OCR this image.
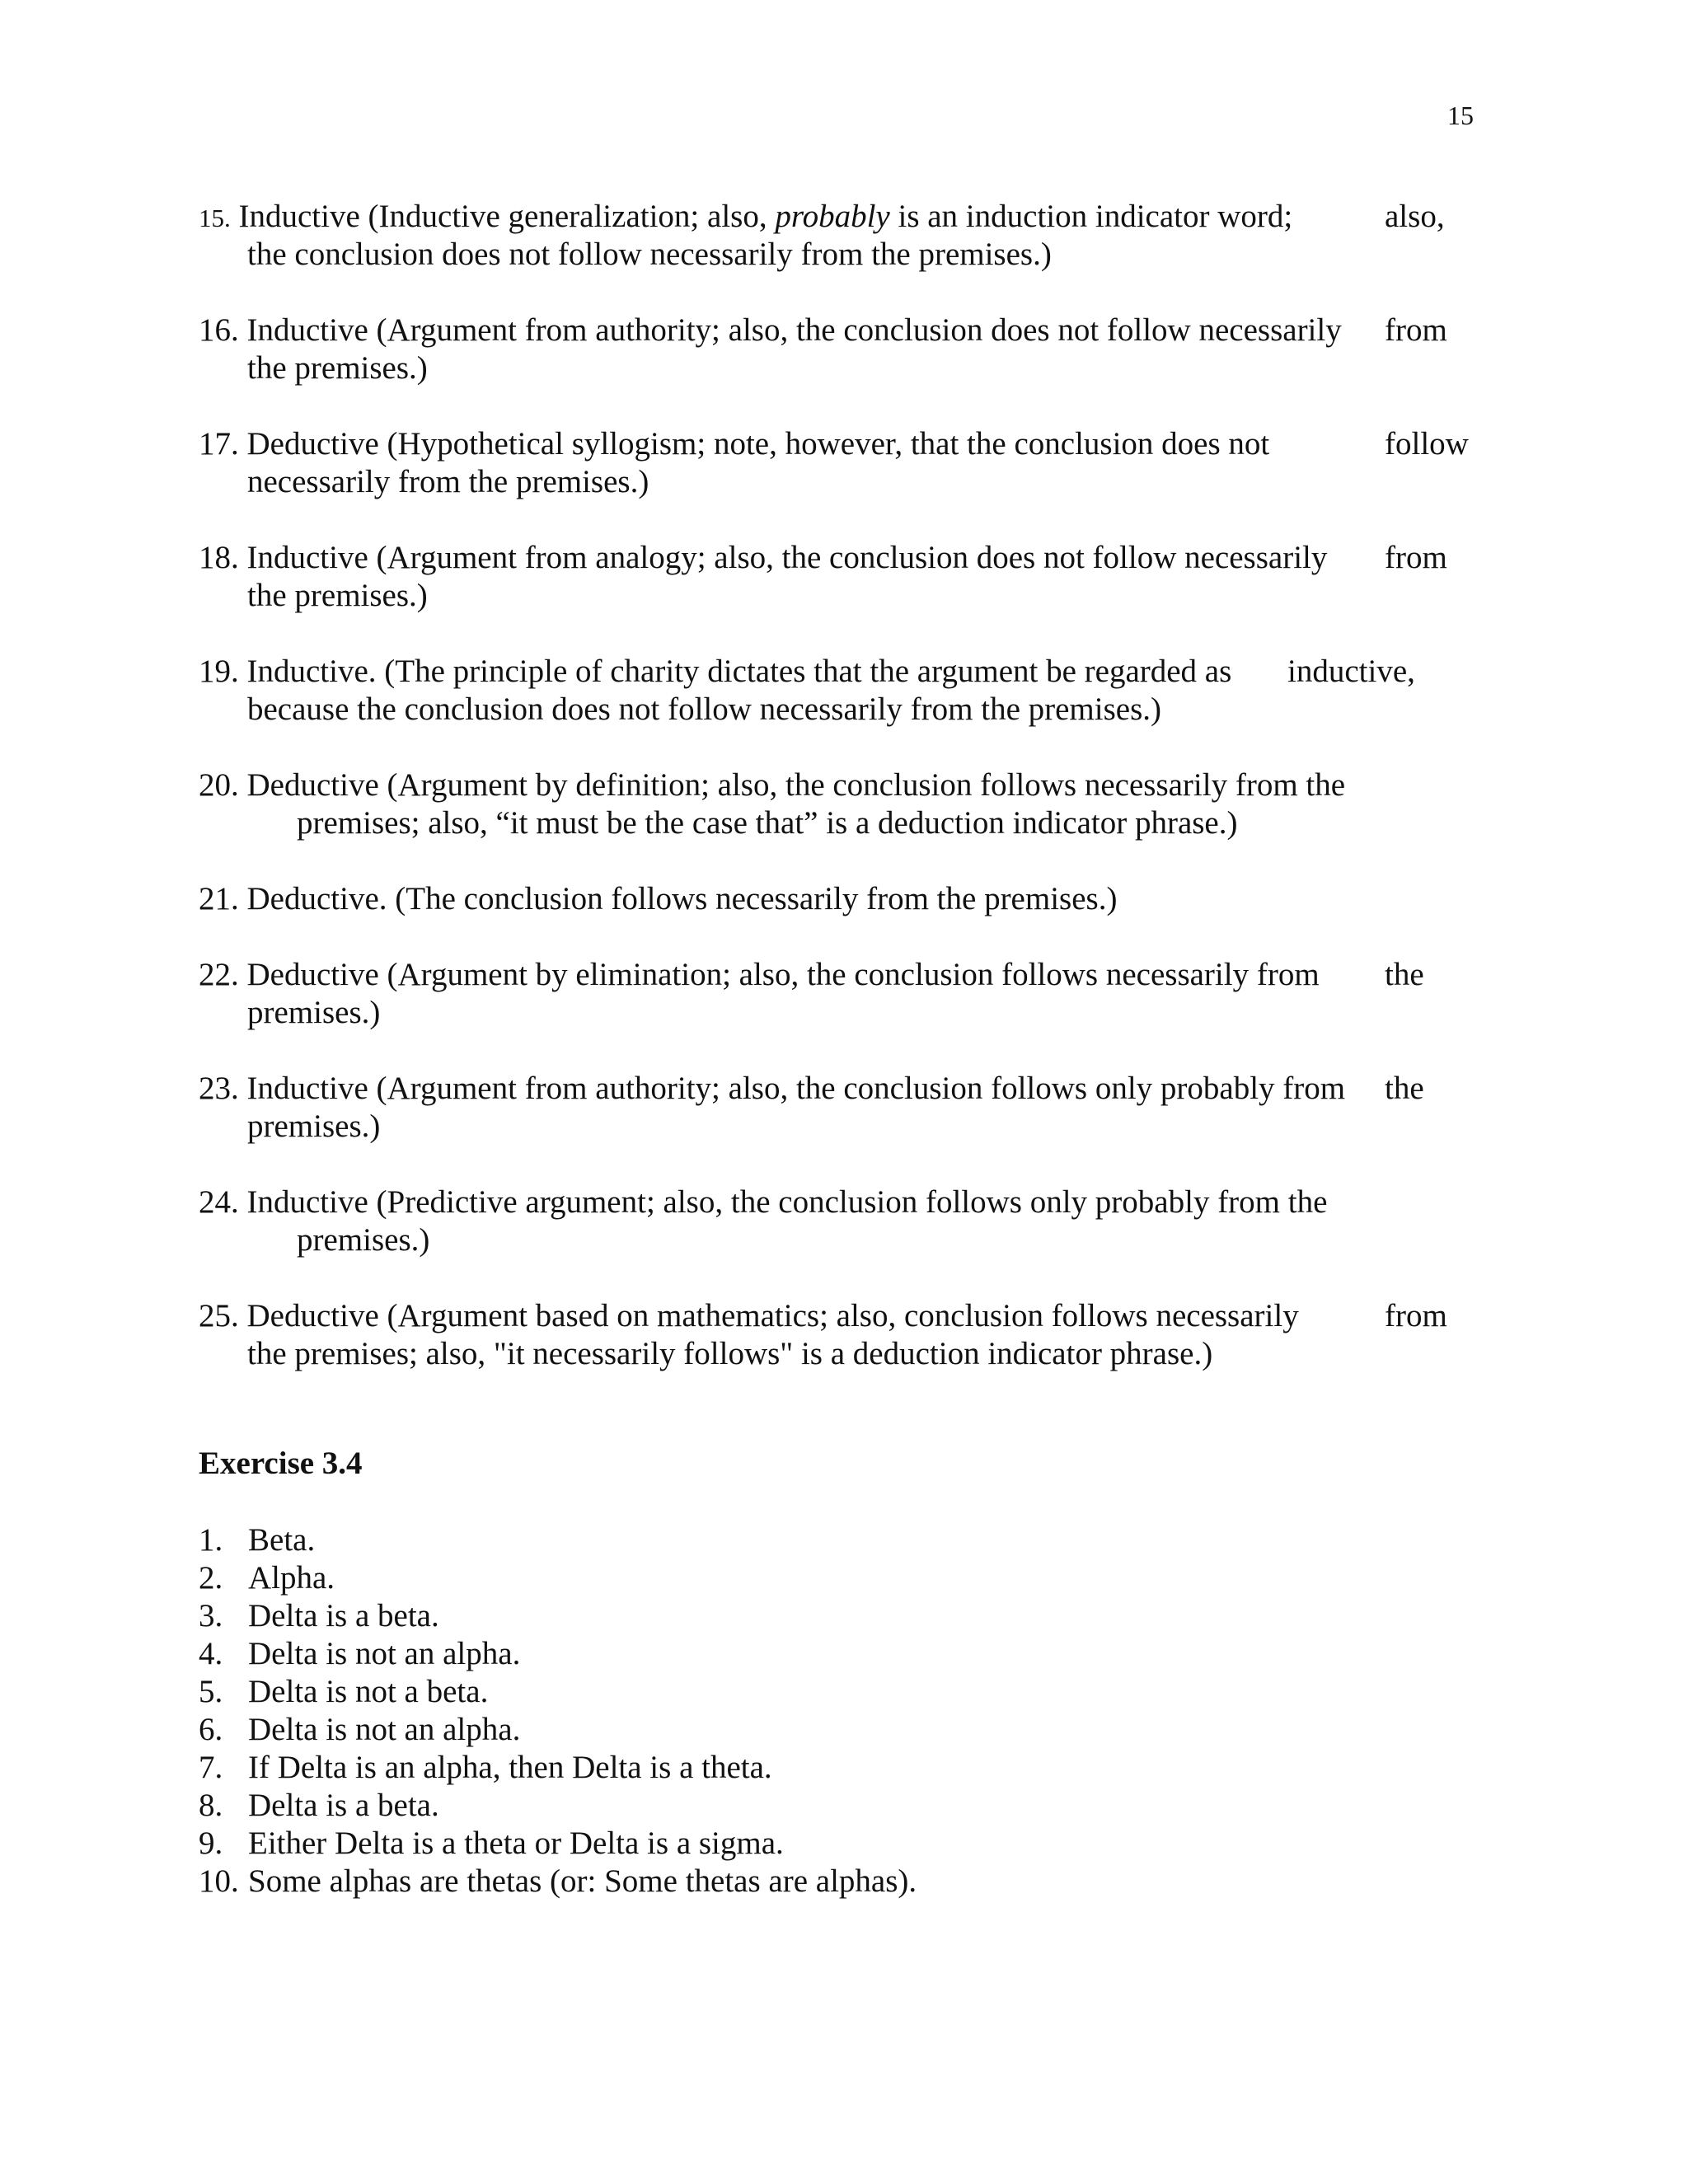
15
15. Inductive (Inductive generalization; also, probably is an induction indicator word;	also,
the conclusion does not follow necessarily from the premises.)
16. Inductive (Argument from authority; also, the conclusion does not follow necessarily from
the premises.)
17. Deductive (Hypothetical syllogism; note, however, that the conclusion does not	follow
necessarily from the premises.)
18. Inductive (Argument from analogy; also, the conclusion does not follow necessarily from
the premises.)
19. Inductive. (The principle of charity dictates that the argument be regarded as inductive,
because the conclusion does not follow necessarily from the premises.)
20. Deductive (Argument by definition; also, the conclusion follows necessarily from the
premises; also, “it must be the case that” is a deduction indicator phrase.)
21. Deductive. (The conclusion follows necessarily from the premises.)
22. Deductive (Argument by elimination; also, the conclusion follows necessarily from the
premises.)
23. Inductive (Argument from authority; also, the conclusion follows only probably from the
premises.)
24. Inductive (Predictive argument; also, the conclusion follows only probably from the
premises.)
25. Deductive (Argument based on mathematics; also, conclusion follows necessarily	from
the premises; also, "it necessarily follows" is a deduction indicator phrase.)
Exercise 3.4
1. Beta.
2. Alpha.
3. Delta is a beta.
4. Delta is not an alpha.
5. Delta is not a beta.
6. Delta is not an alpha.
7. If Delta is an alpha, then Delta is a theta.
8. Delta is a beta.
9. Either Delta is a theta or Delta is a sigma.
10. Some alphas are thetas (or: Some thetas are alphas).
